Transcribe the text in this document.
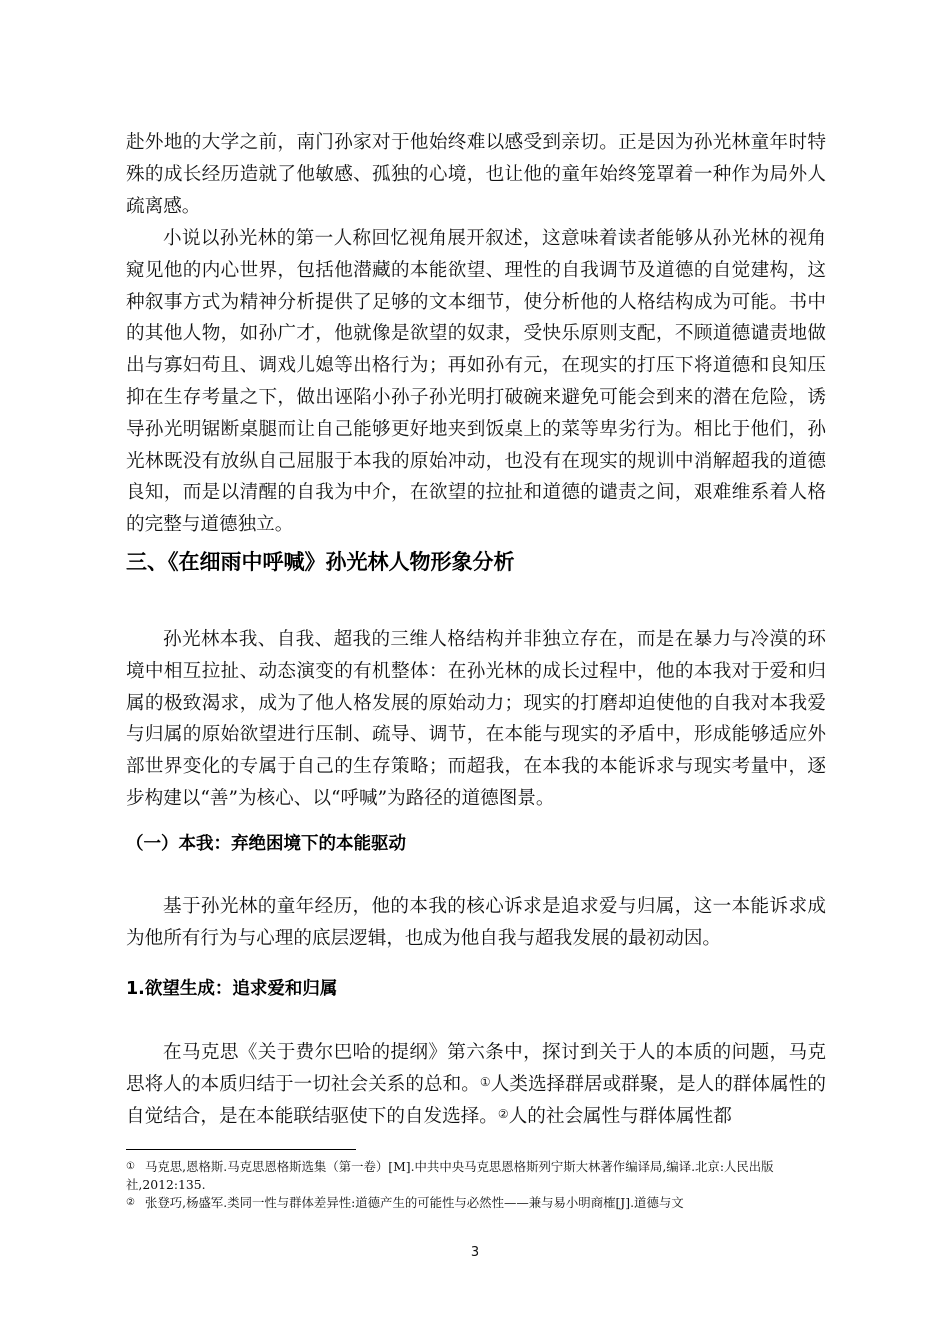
赴外地的大学之前，南门孙家对于他始终难以感受到亲切。正是因为孙光林童年时特殊的成长经历造就了他敏感、孤独的心境，也让他的童年始终笼罩着一种作为局外人疏离感。

小说以孙光林的第一人称回忆视角展开叙述，这意味着读者能够从孙光林的视角窥见他的内心世界，包括他潜藏的本能欲望、理性的自我调节及道德的自觉建构，这种叙事方式为精神分析提供了足够的文本细节，使分析他的人格结构成为可能。书中的其他人物，如孙广才，他就像是欲望的奴隶，受快乐原则支配，不顾道德谴责地做出与寡妇苟且、调戏儿媳等出格行为；再如孙有元，在现实的打压下将道德和良知压抑在生存考量之下，做出诬陷小孙子孙光明打破碗来避免可能会到来的潜在危险，诱导孙光明锯断桌腿而让自己能够更好地夹到饭桌上的菜等卑劣行为。相比于他们，孙光林既没有放纵自己屈服于本我的原始冲动，也没有在现实的规训中消解超我的道德良知，而是以清醒的自我为中介，在欲望的拉扯和道德的谴责之间，艰难维系着人格的完整与道德独立。

三、《在细雨中呼喊》孙光林人物形象分析

孙光林本我、自我、超我的三维人格结构并非独立存在，而是在暴力与冷漠的环境中相互拉扯、动态演变的有机整体：在孙光林的成长过程中，他的本我对于爱和归属的极致渴求，成为了他人格发展的原始动力；现实的打磨却迫使他的自我对本我爱与归属的原始欲望进行压制、疏导、调节，在本能与现实的矛盾中，形成能够适应外部世界变化的专属于自己的生存策略；而超我，在本我的本能诉求与现实考量中，逐步构建以“善”为核心、以“呼喊”为路径的道德图景。

（一）本我：弃绝困境下的本能驱动

基于孙光林的童年经历，他的本我的核心诉求是追求爱与归属，这一本能诉求成为他所有行为与心理的底层逻辑，也成为他自我与超我发展的最初动因。

1.欲望生成：追求爱和归属

在马克思《关于费尔巴哈的提纲》第六条中，探讨到关于人的本质的问题，马克思将人的本质归结于一切社会关系的总和。①人类选择群居或群聚，是人的群体属性的自觉结合，是在本能联结驱使下的自发选择。②人的社会属性与群体属性都

① 马克思,恩格斯.马克思恩格斯选集（第一卷）[M].中共中央马克思恩格斯列宁斯大林著作编译局,编译.北京:人民出版社,2012:135.

② 张登巧,杨盛军.类同一性与群体差异性:道德产生的可能性与必然性——兼与易小明商榷[J].道德与文

3
